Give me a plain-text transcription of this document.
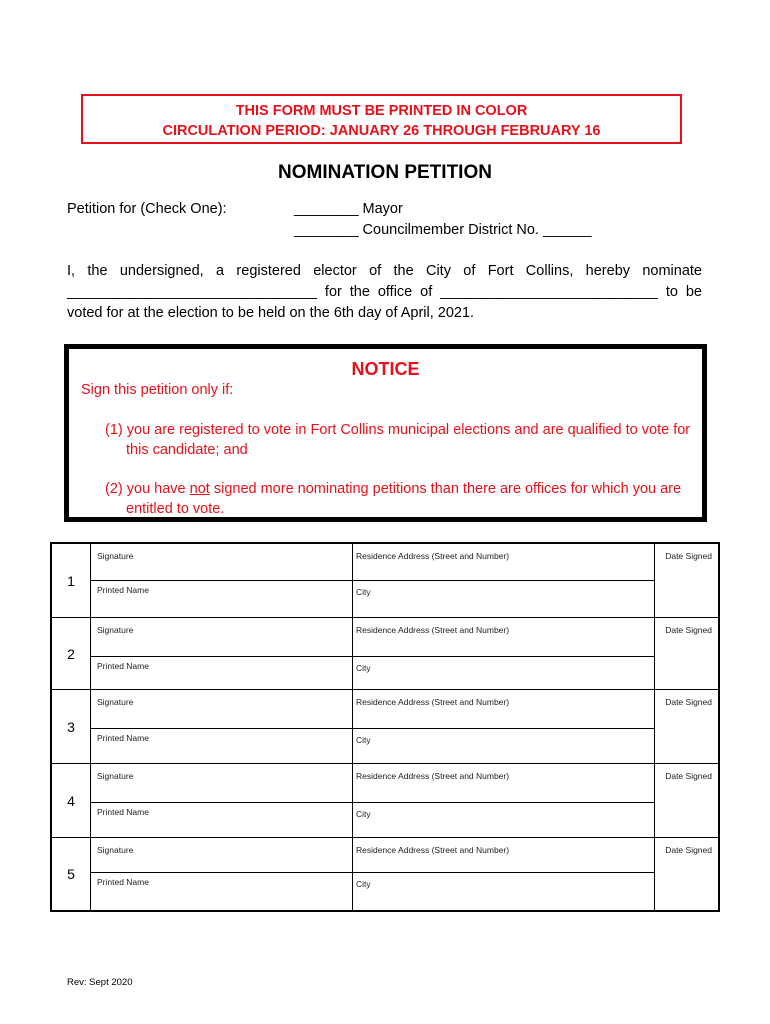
THIS FORM MUST BE PRINTED IN COLOR
CIRCULATION PERIOD: JANUARY 26 THROUGH FEBRUARY 16
NOMINATION PETITION
Petition for (Check One):	________ Mayor
________ Councilmember District No. ______
I, the undersigned, a registered elector of the City of Fort Collins, hereby nominate
_______________________________ for the office of ___________________________ to be
voted for at the election to be held on the 6th day of April, 2021.
NOTICE
Sign this petition only if:
(1) you are registered to vote in Fort Collins municipal elections and are qualified to vote for this candidate; and
(2) you have not signed more nominating petitions than there are offices for which you are entitled to vote.
1
Signature	Residence Address (Street and Number)	Date Signed
Printed Name	City
2
Signature	Residence Address (Street and Number)	Date Signed
Printed Name	City
3
Signature	Residence Address (Street and Number)	Date Signed
Printed Name	City
4
Signature	Residence Address (Street and Number)	Date Signed
Printed Name	City
5
Signature	Residence Address (Street and Number)	Date Signed
Printed Name	City
Rev: Sept 2020
